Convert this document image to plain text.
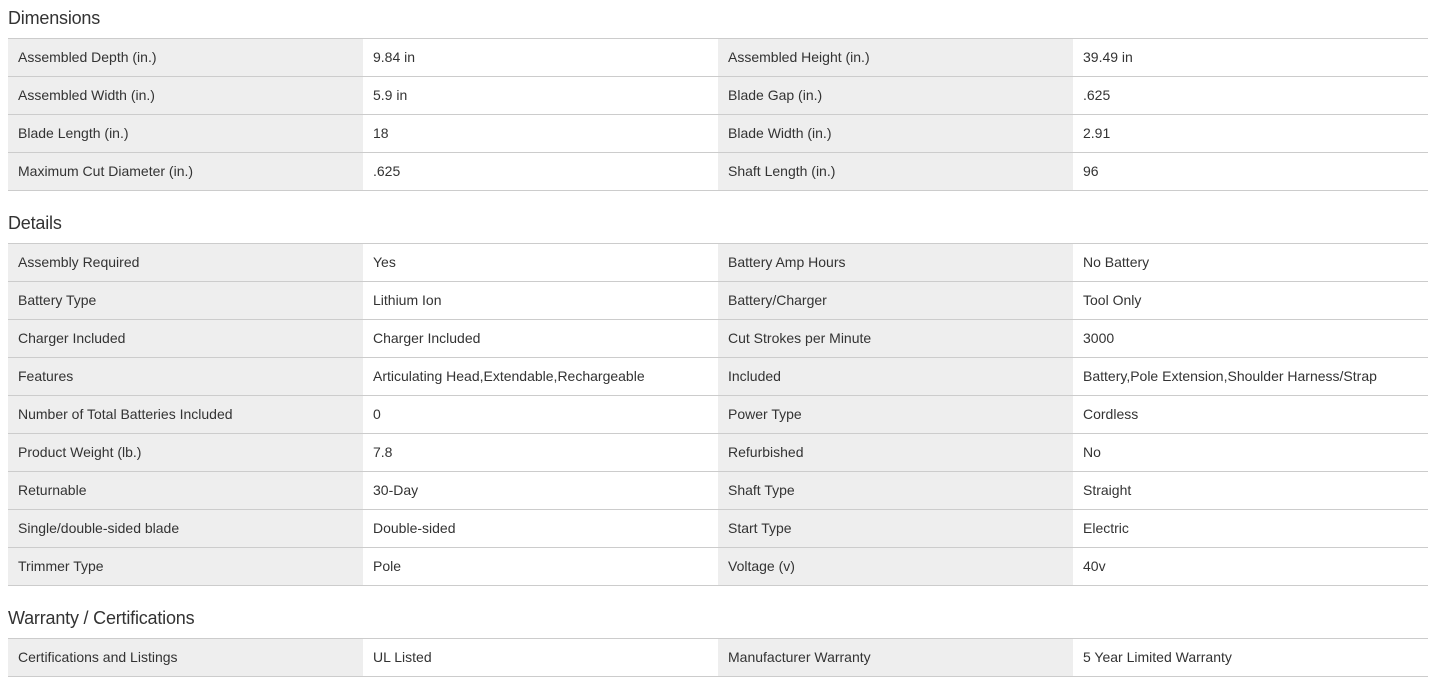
Dimensions
Assembled Depth (in.)	9.84 in	Assembled Height (in.)	39.49 in
Assembled Width (in.)	5.9 in	Blade Gap (in.)	.625
Blade Length (in.)	18	Blade Width (in.)	2.91
Maximum Cut Diameter (in.)	.625	Shaft Length (in.)	96
Details
Assembly Required	Yes	Battery Amp Hours	No Battery
Battery Type	Lithium Ion	Battery/Charger	Tool Only
Charger Included	Charger Included	Cut Strokes per Minute	3000
Features	Articulating Head,Extendable,Rechargeable	Included	Battery,Pole Extension,Shoulder Harness/Strap
Number of Total Batteries Included	0	Power Type	Cordless
Product Weight (lb.)	7.8	Refurbished	No
Returnable	30-Day	Shaft Type	Straight
Single/double-sided blade	Double-sided	Start Type	Electric
Trimmer Type	Pole	Voltage (v)	40v
Warranty / Certifications
Certifications and Listings	UL Listed	Manufacturer Warranty	5 Year Limited Warranty
